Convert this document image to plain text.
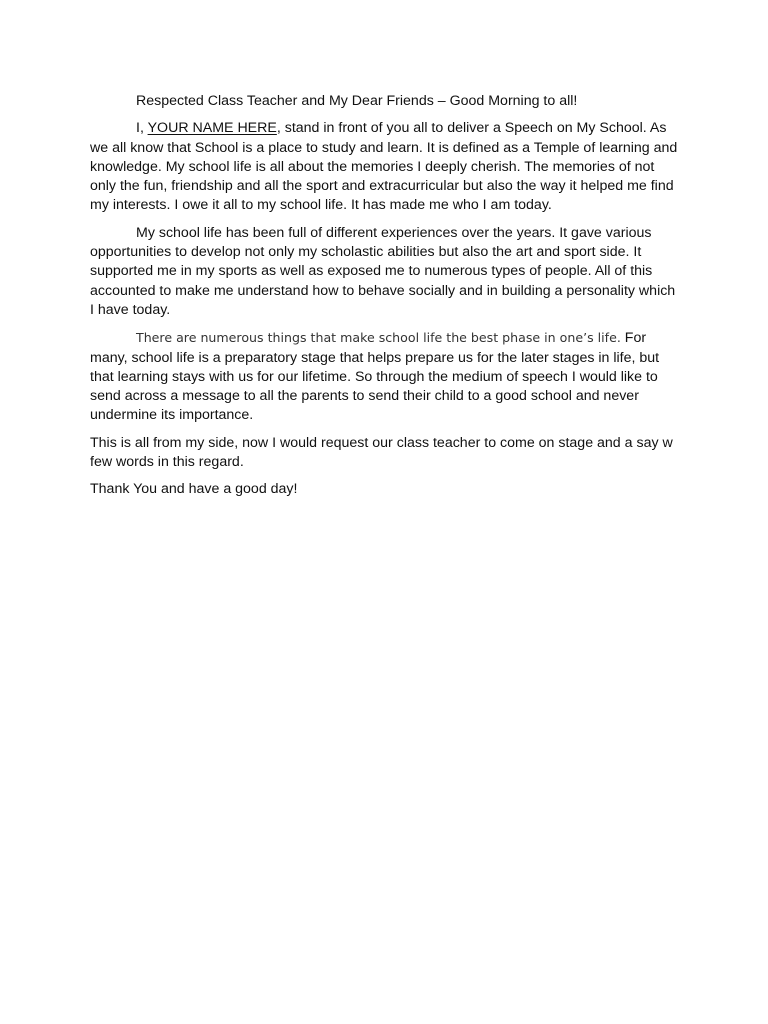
Respected Class Teacher and My Dear Friends – Good Morning to all!

I, YOUR NAME HERE, stand in front of you all to deliver a Speech on My School. As we all know that School is a place to study and learn. It is defined as a Temple of learning and knowledge. My school life is all about the memories I deeply cherish. The memories of not only the fun, friendship and all the sport and extracurricular but also the way it helped me find my interests. I owe it all to my school life. It has made me who I am today.

My school life has been full of different experiences over the years. It gave various opportunities to develop not only my scholastic abilities but also the art and sport side. It supported me in my sports as well as exposed me to numerous types of people. All of this accounted to make me understand how to behave socially and in building a personality which I have today.

There are numerous things that make school life the best phase in one’s life. For many, school life is a preparatory stage that helps prepare us for the later stages in life, but that learning stays with us for our lifetime. So through the medium of speech I would like to send across a message to all the parents to send their child to a good school and never undermine its importance.

This is all from my side, now I would request our class teacher to come on stage and a say w few words in this regard.

Thank You and have a good day!
